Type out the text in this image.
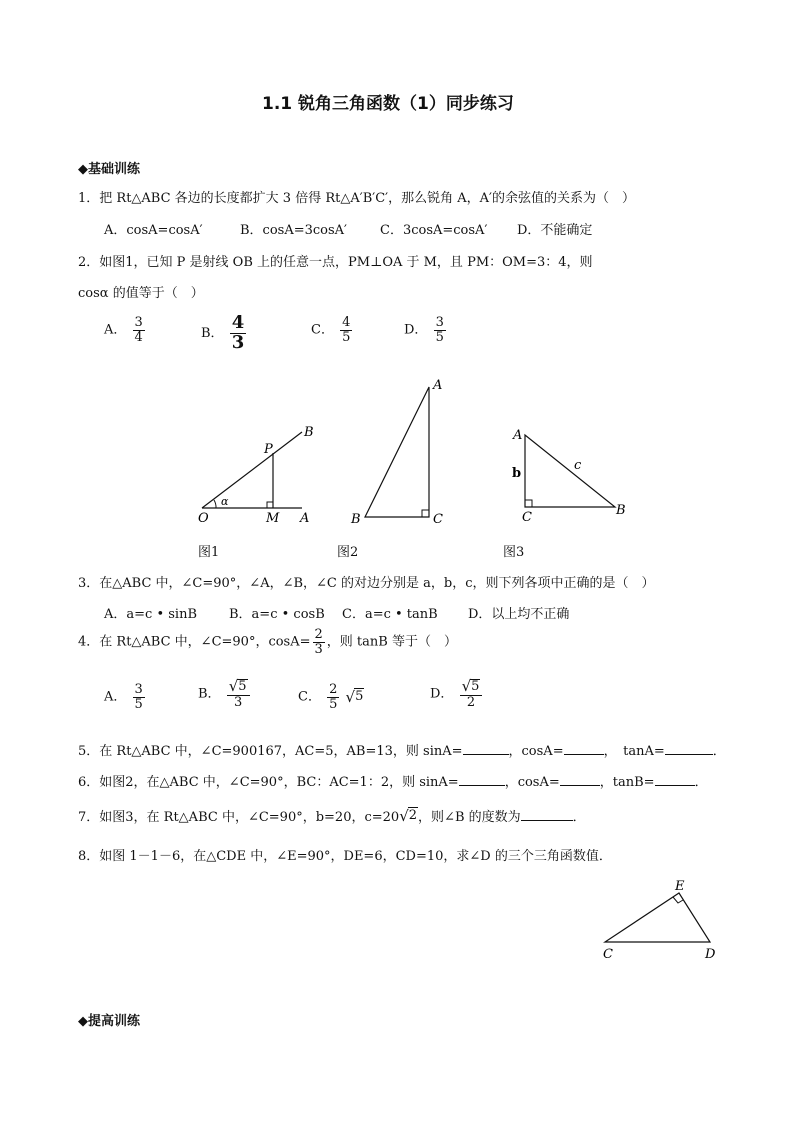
1.1 锐角三角函数（1）同步练习
◆基础训练
1．把 Rt△ABC 各边的长度都扩大 3 倍得 Rt△A′B′C′，那么锐角 A，A′的余弦值的关系为（　）
A．cosA=cosA′	B．cosA=3cosA′	C．3cosA=cosA′ D．不能确定
2．如图1，已知 P 是射线 OB 上的任意一点，PM⊥OA 于 M，且 PM：OM=3：4，则
cosα 的值等于（　）
A． $\frac{3}{4}$	B． $\frac{4}{3}$	C． $\frac{4}{5}$	D． $\frac{3}{5}$
O	M A
P
B
α
图1
A
B	C
图2
A
b
c
C	B
图3
3．在△ABC 中，∠C=90°，∠A，∠B，∠C 的对边分别是 a，b，c，则下列各项中正确的是（　）
A．a=c • sinB B．a=c • cosB C．a=c • tanB D．以上均不正确
4．在 Rt△ABC 中，∠C=90°，$\cos A= \frac{2}{3}$ ，则 tanB 等于（　）
A． $\frac{3}{5}$	B． $\frac{√ 5}{3}$	C． $\frac{2}{5}$
√ 5	D． $\frac{√ 5}{2}$
5．在 Rt△ABC 中，∠C=900167，AC=5，AB=13，则 sinA=	，cosA=	，　tanA=	．
6．如图2，在△ABC 中，∠C=90°，BC：AC=1：2，则 sinA=	，cosA=	，tanB=	．
7．如图3，在 Rt△ABC 中，∠C=90°，b=20，c=20 √ 2 ，则∠B 的度数为	．
8．如图 1－1－6，在△CDE 中，∠E=90°，DE=6，CD=10，求∠D 的三个三角函数值．
E
C	D
◆提高训练
